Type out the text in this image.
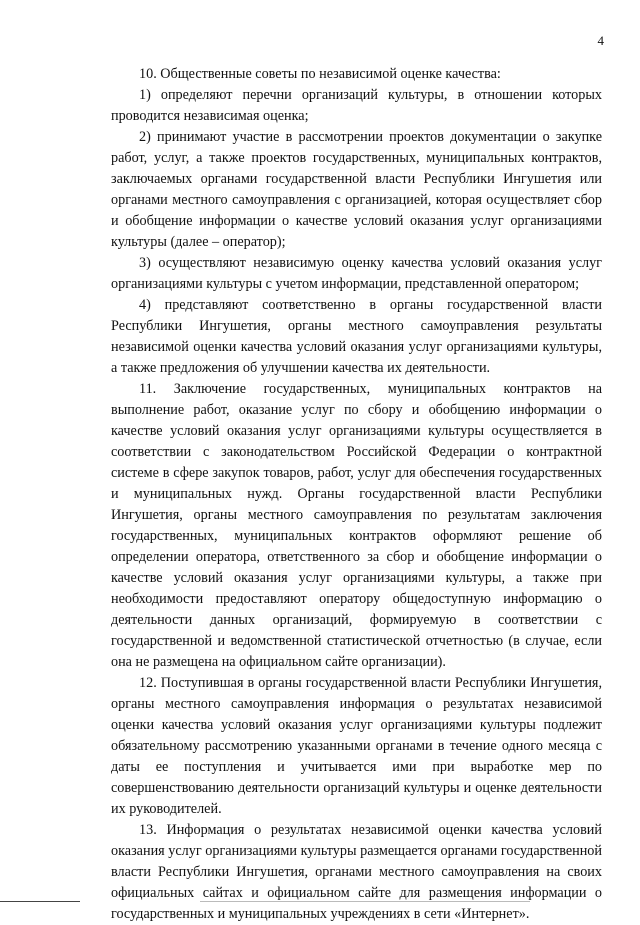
4

10. Общественные советы по независимой оценке качества:

1) определяют перечни организаций культуры, в отношении которых проводится независимая оценка;

2) принимают участие в рассмотрении проектов документации о закупке работ, услуг, а также проектов государственных, муниципальных контрактов, заключаемых органами государственной власти Республики Ингушетия или органами местного самоуправления с организацией, которая осуществляет сбор и обобщение информации о качестве условий оказания услуг организациями культуры (далее – оператор);

3) осуществляют независимую оценку качества условий оказания услуг организациями культуры с учетом информации, представленной оператором;

4) представляют соответственно в органы государственной власти Республики Ингушетия, органы местного самоуправления результаты независимой оценки качества условий оказания услуг организациями культуры, а также предложения об улучшении качества их деятельности.

11. Заключение государственных, муниципальных контрактов на выполнение работ, оказание услуг по сбору и обобщению информации о качестве условий оказания услуг организациями культуры осуществляется в соответствии с законодательством Российской Федерации о контрактной системе в сфере закупок товаров, работ, услуг для обеспечения государственных и муниципальных нужд. Органы государственной власти Республики Ингушетия, органы местного самоуправления по результатам заключения государственных, муниципальных контрактов оформляют решение об определении оператора, ответственного за сбор и обобщение информации о качестве условий оказания услуг организациями культуры, а также при необходимости предоставляют оператору общедоступную информацию о деятельности данных организаций, формируемую в соответствии с государственной и ведомственной статистической отчетностью (в случае, если она не размещена на официальном сайте организации).

12. Поступившая в органы государственной власти Республики Ингушетия, органы местного самоуправления информация о результатах независимой оценки качества условий оказания услуг организациями культуры подлежит обязательному рассмотрению указанными органами в течение одного месяца с даты ее поступления и учитывается ими при выработке мер по совершенствованию деятельности организаций культуры и оценке деятельности их руководителей.

13. Информация о результатах независимой оценки качества условий оказания услуг организациями культуры размещается органами государственной власти Республики Ингушетия, органами местного самоуправления на своих официальных сайтах и официальном сайте для размещения информации о государственных и муниципальных учреждениях в сети «Интернет».
